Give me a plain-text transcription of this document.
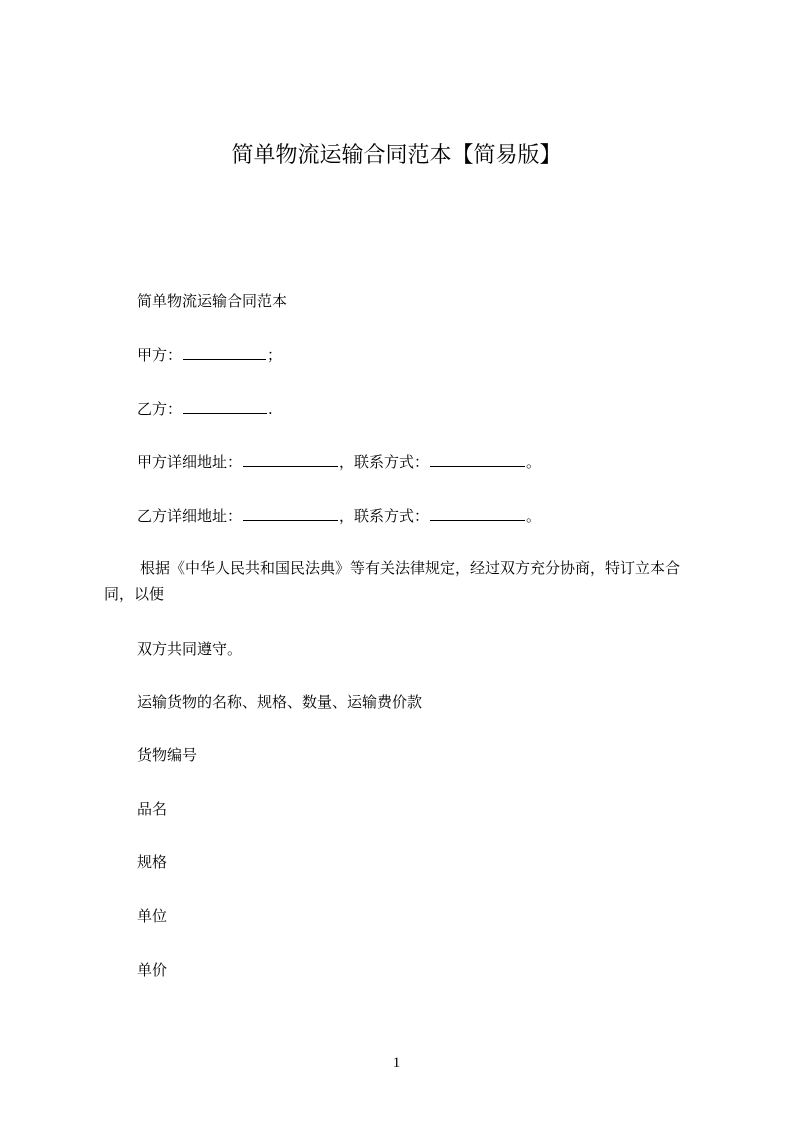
简单物流运输合同范本【简易版】
简单物流运输合同范本
甲方：	；
乙方：	.
甲方详细地址：	，联系方式：	。
乙方详细地址：	，联系方式：	。
根据《中华人民共和国民法典》等有关法律规定，经过双方充分协商，特订立本合同，以便
双方共同遵守。
运输货物的名称、规格、数量、运输费价款
货物编号
品名
规格
单位
单价
1
